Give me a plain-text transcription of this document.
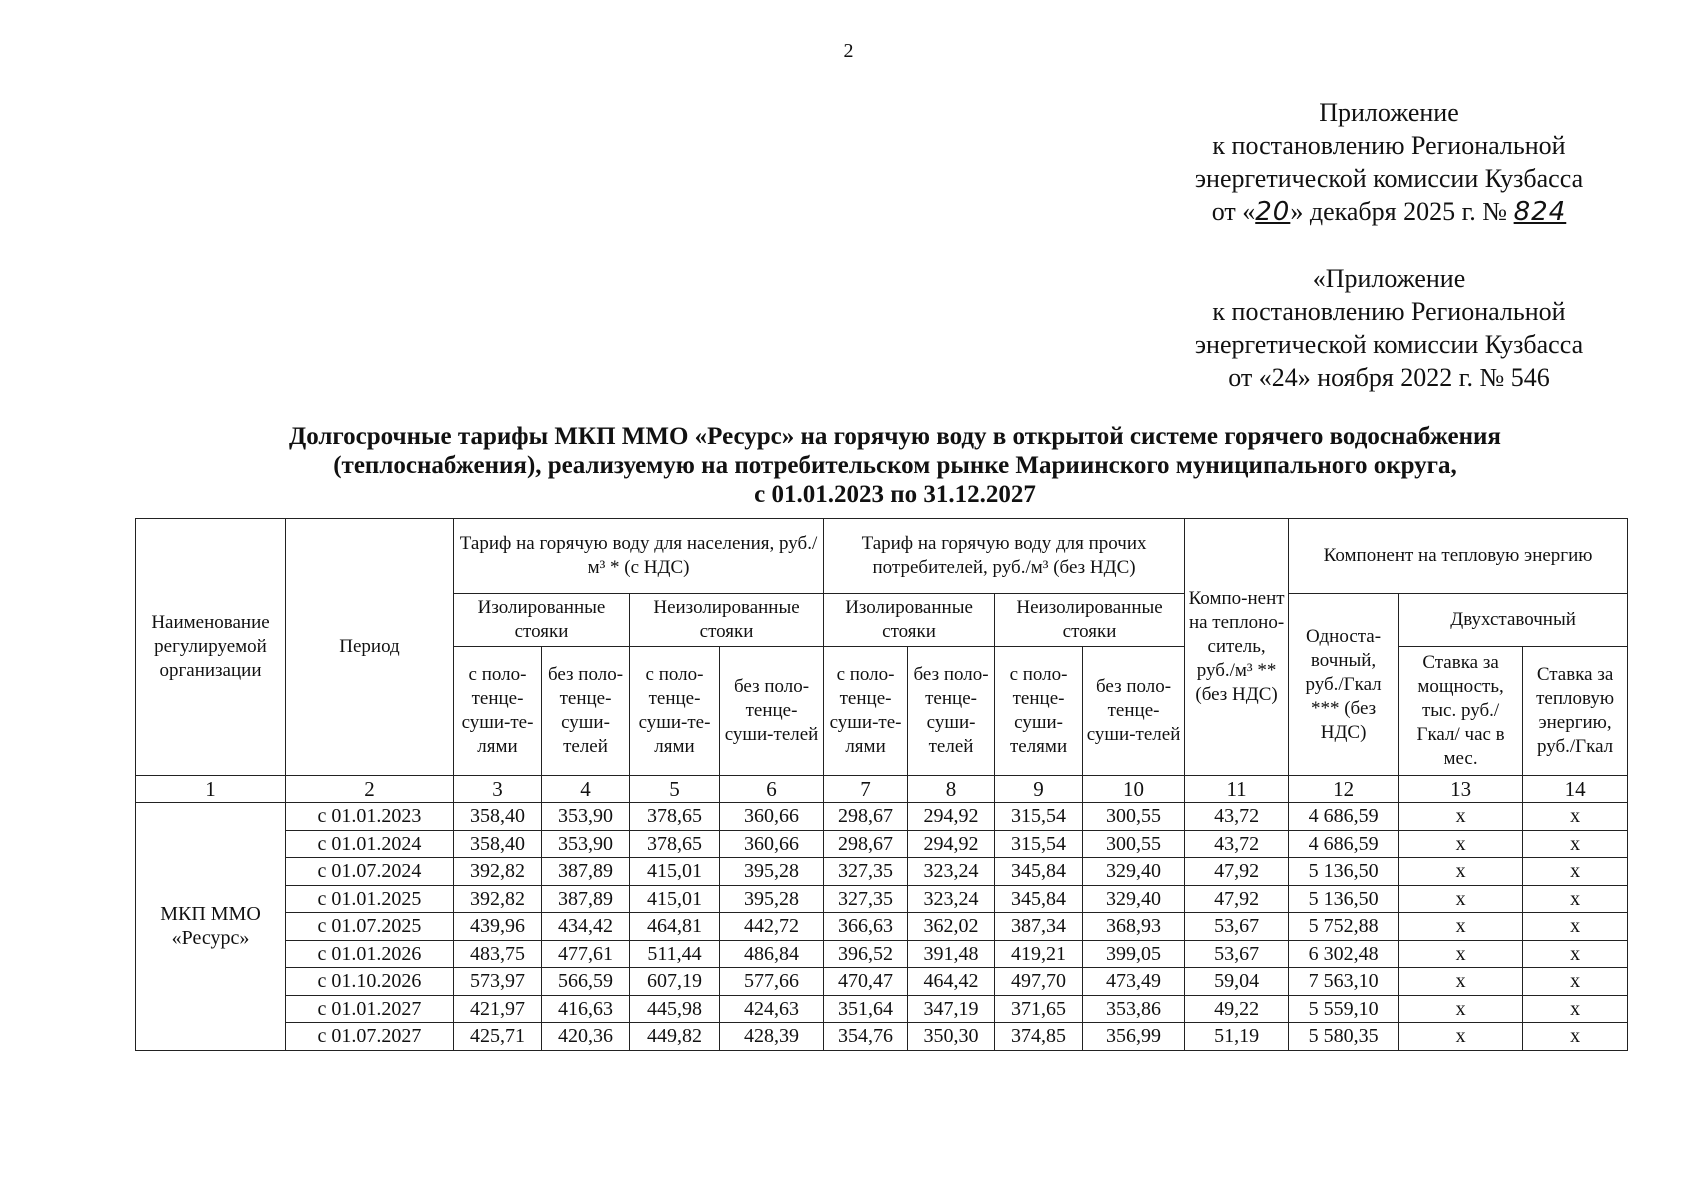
2
Приложение
к постановлению Региональной
энергетической комиссии Кузбасса
от «20» декабря 2025 г. № 824
«Приложение
к постановлению Региональной
энергетической комиссии Кузбасса
от «24» ноября 2022 г. № 546
Долгосрочные тарифы МКП ММО «Ресурс» на горячую воду в открытой системе горячего водоснабжения
(теплоснабжения), реализуемую на потребительском рынке Мариинского муниципального округа,
с 01.01.2023 по 31.12.2027
Наименование регулируемой организации	Период	Тариф на горячую воду для населения, руб./м³ * (с НДС)				Тариф на горячую воду для прочих потребителей, руб./м³ (без НДС)				Компо-нент на теплоно-ситель, руб./м³ ** (без НДС)	Компонент на тепловую энергию		
		Изолированные стояки		Неизолированные стояки		Изолированные стояки		Неизолированные стояки			Односта-вочный, руб./Гкал *** (без НДС)	Двухставочный	
		с поло-тенце-суши-те-лями	без поло-тенце-суши-телей	с поло-тенце-суши-те-лями	без поло-тенце-суши-телей	с поло-тенце-суши-те-лями	без поло-тенце-суши-телей	с поло-тенце-суши-телями	без поло-тенце-суши-телей			Ставка за мощность, тыс. руб./ Гкал/ час в мес.	Ставка за тепловую энергию, руб./Гкал
1	2	3	4	5	6	7	8	9	10	11	12	13	14
МКП ММО «Ресурс»	с 01.01.2023	358,40	353,90	378,65	360,66	298,67	294,92	315,54	300,55	43,72	4 686,59	х	х
	с 01.01.2024	358,40	353,90	378,65	360,66	298,67	294,92	315,54	300,55	43,72	4 686,59	х	х
	с 01.07.2024	392,82	387,89	415,01	395,28	327,35	323,24	345,84	329,40	47,92	5 136,50	х	х
	с 01.01.2025	392,82	387,89	415,01	395,28	327,35	323,24	345,84	329,40	47,92	5 136,50	х	х
	с 01.07.2025	439,96	434,42	464,81	442,72	366,63	362,02	387,34	368,93	53,67	5 752,88	х	х
	с 01.01.2026	483,75	477,61	511,44	486,84	396,52	391,48	419,21	399,05	53,67	6 302,48	х	х
	с 01.10.2026	573,97	566,59	607,19	577,66	470,47	464,42	497,70	473,49	59,04	7 563,10	х	х
	с 01.01.2027	421,97	416,63	445,98	424,63	351,64	347,19	371,65	353,86	49,22	5 559,10	х	х
	с 01.07.2027	425,71	420,36	449,82	428,39	354,76	350,30	374,85	356,99	51,19	5 580,35	х	х
